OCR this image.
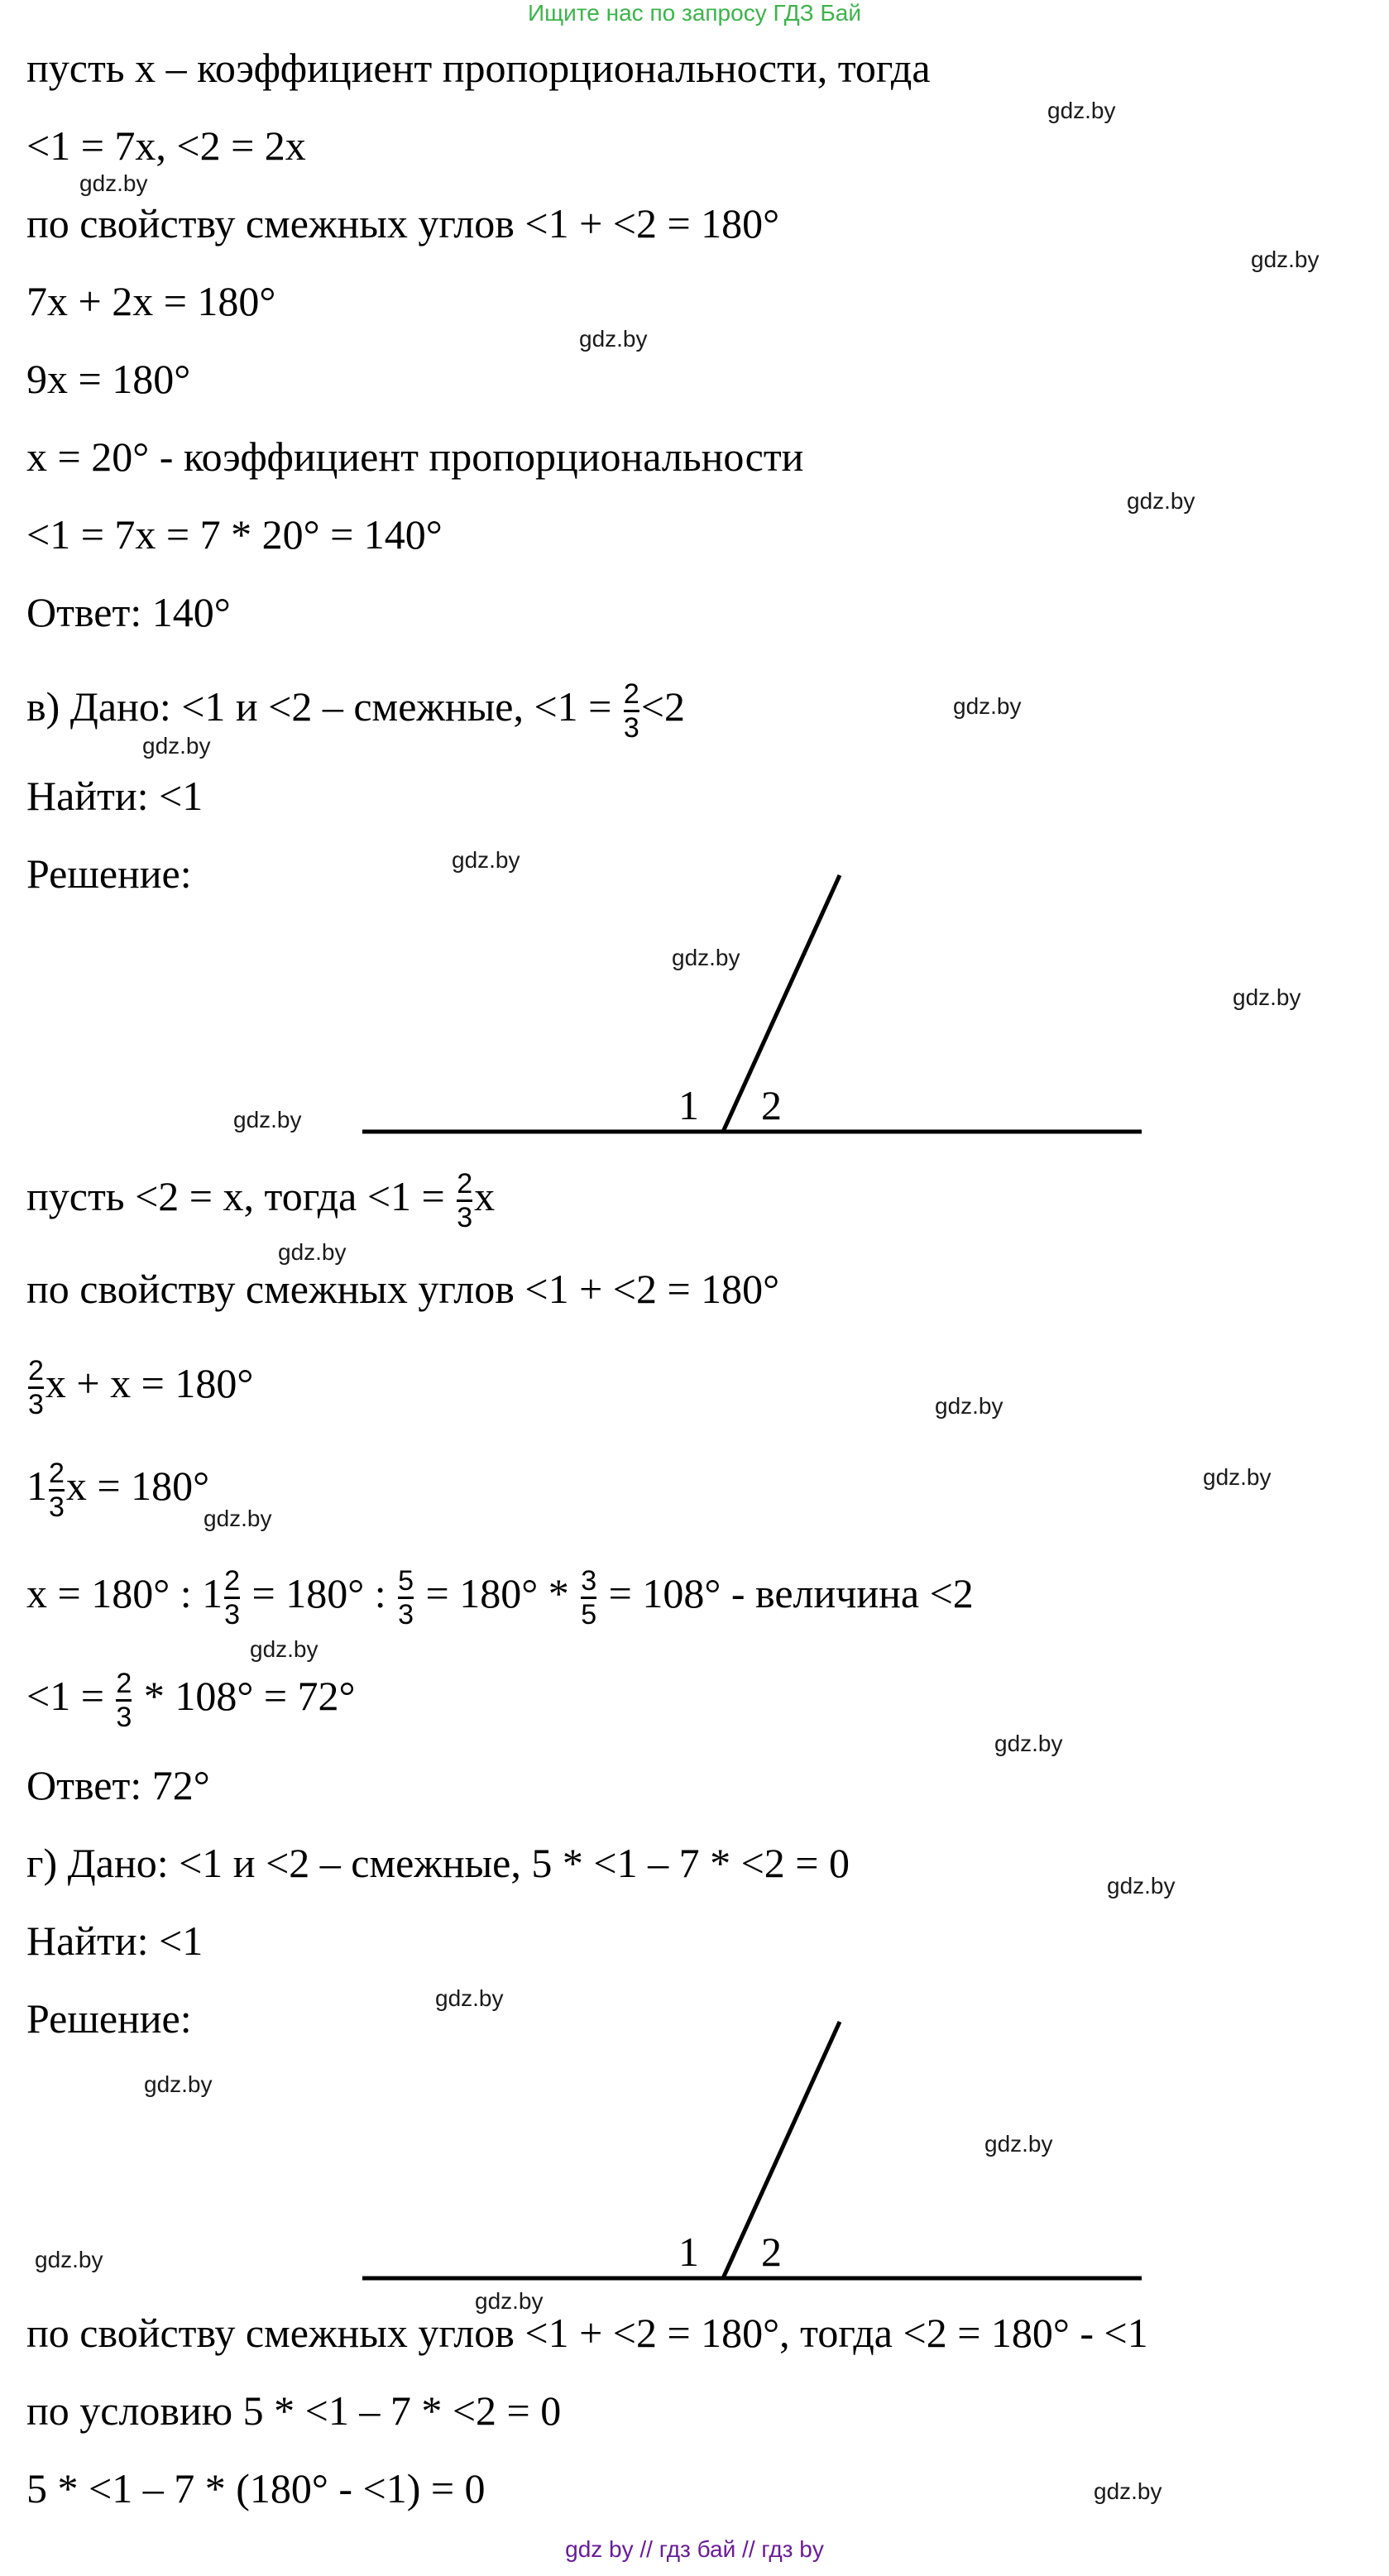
Ищите нас по запросу ГДЗ Бай
пусть х – коэффициент пропорциональности, тогда
<1 = 7х, <2 = 2х
по свойству смежных углов <1 + <2 = 180°
7х + 2х = 180°
9х = 180°
х = 20° - коэффициент пропорциональности
<1 = 7х = 7 * 20° = 140°
Ответ: 140°
в) Дано: <1 и <2 – смежные, $<1 = \frac{2}{3} <2$
Найти: <1
Решение:
1 2
пусть <2 = х, тогда $<1 = \frac{2}{3}$ х
по свойству смежных углов <1 + <2 = 180°
$\frac{2}{3}$ х + х = 180°
$1 \frac{2}{3}$ х = 180°
х = 180° : $1 \frac{2}{3} = 180^\circ$ : $\frac{5}{3} = 180^\circ * \frac{3}{5} = 108^\circ$ - величина <2
$<1 = \frac{2}{3} * 108^\circ = 72^\circ$
Ответ: 72°
г) Дано: <1 и <2 – смежные, 5 * <1 – 7 * <2 = 0
Найти: <1
Решение:
1 2
по свойству смежных углов <1 + <2 = 180°, тогда <2 = 180° - <1
по условию 5 * <1 – 7 * <2 = 0
5 * <1 – 7 * (180° - <1) = 0
gdz.by
gdz.by
gdz.by
gdz.by
gdz.by
gdz.by
gdz.by
gdz.by
gdz.by
gdz.by
gdz.by
gdz.by
gdz.by
gdz.by
gdz.by
gdz.by
gdz.by
gdz.by
gdz.by
gdz.by
gdz.by
gdz.by
gdz.by
gdz.by
gdz by // гдз бай // гдз by
